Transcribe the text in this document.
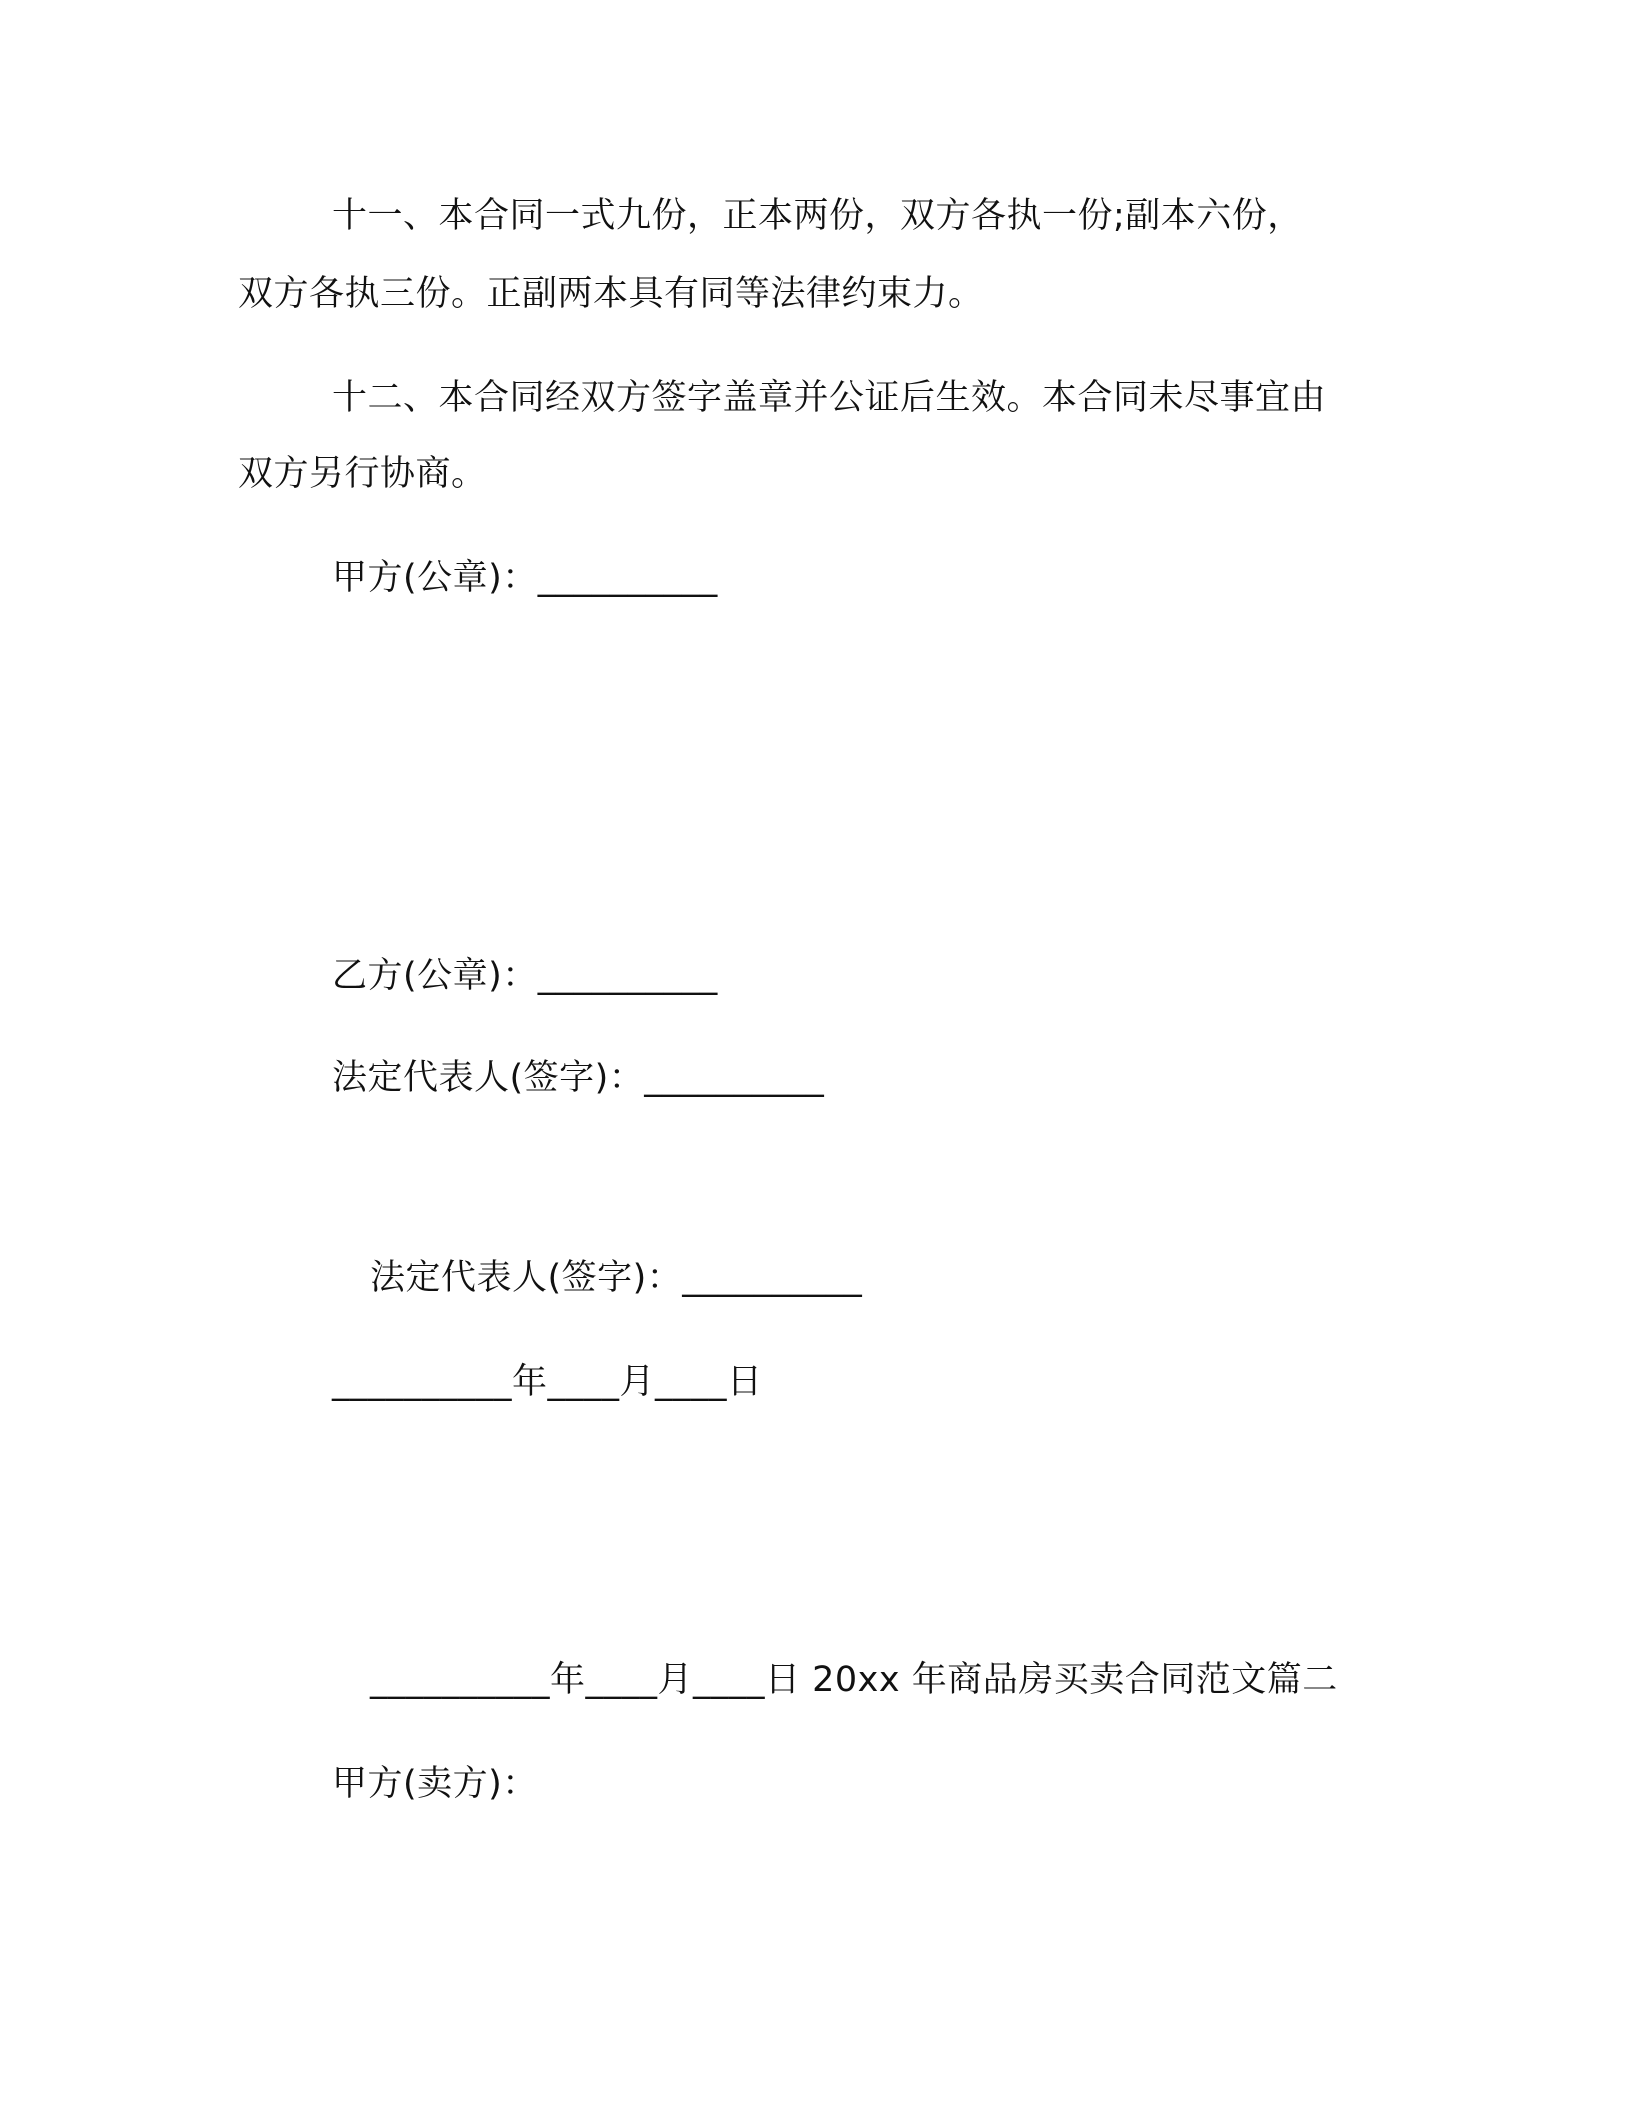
十一、本合同一式九份，正本两份，双方各执一份;副本六份，
双方各执三份。正副两本具有同等法律约束力。
十二、本合同经双方签字盖章并公证后生效。本合同未尽事宜由
双方另行协商。
甲方(公章)：__________
乙方(公章)：__________
法定代表人(签字)：__________
法定代表人(签字)：__________
__________年____月____日
__________年____月____日 20xx 年商品房买卖合同范文篇二
甲方(卖方)：
